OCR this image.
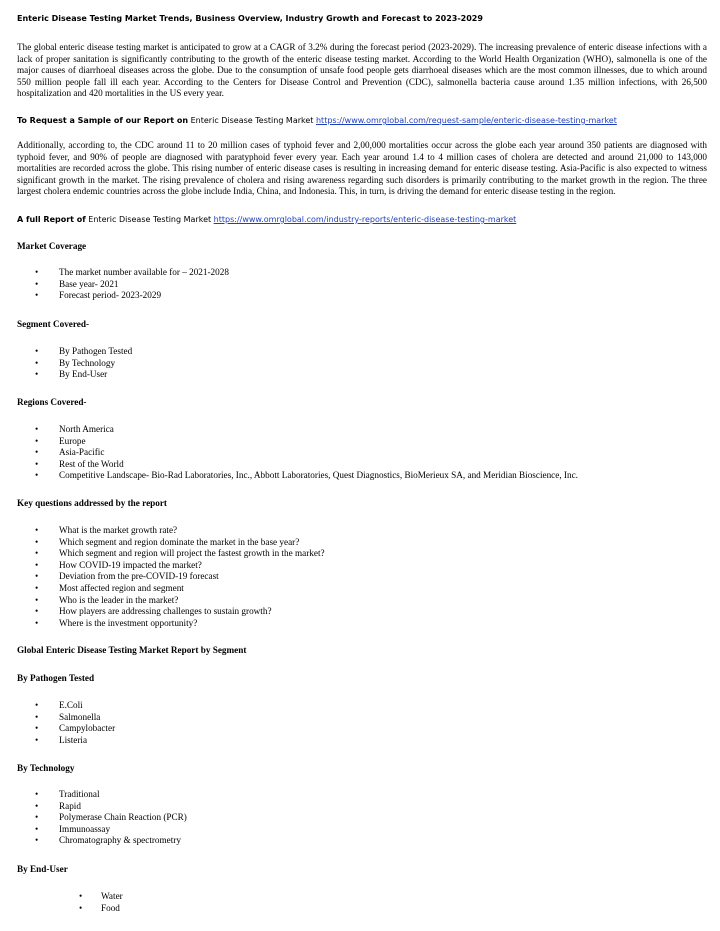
Enteric Disease Testing Market Trends, Business Overview, Industry Growth and Forecast to 2023-2029
The global enteric disease testing market is anticipated to grow at a CAGR of 3.2% during the forecast period (2023-2029). The increasing prevalence of enteric disease infections with a lack of proper sanitation is significantly contributing to the growth of the enteric disease testing market. According to the World Health Organization (WHO), salmonella is one of the major causes of diarrhoeal diseases across the globe. Due to the consumption of unsafe food people gets diarrhoeal diseases which are the most common illnesses, due to which around 550 million people fall ill each year. According to the Centers for Disease Control and Prevention (CDC), salmonella bacteria cause around 1.35 million infections, with 26,500 hospitalization and 420 mortalities in the US every year.
To Request a Sample of our Report on Enteric Disease Testing Market https://www.omrglobal.com/request-sample/enteric-disease-testing-market
Additionally, according to, the CDC around 11 to 20 million cases of typhoid fever and 2,00,000 mortalities occur across the globe each year around 350 patients are diagnosed with typhoid fever, and 90% of people are diagnosed with paratyphoid fever every year. Each year around 1.4 to 4 million cases of cholera are detected and around 21,000 to 143,000 mortalities are recorded across the globe. This rising number of enteric disease cases is resulting in increasing demand for enteric disease testing. Asia-Pacific is also expected to witness significant growth in the market. The rising prevalence of cholera and rising awareness regarding such disorders is primarily contributing to the market growth in the region. The three largest cholera endemic countries across the globe include India, China, and Indonesia. This, in turn, is driving the demand for enteric disease testing in the region.
A full Report of Enteric Disease Testing Market https://www.omrglobal.com/industry-reports/enteric-disease-testing-market
Market Coverage
• The market number available for – 2021-2028
• Base year- 2021
• Forecast period- 2023-2029
Segment Covered-
• By Pathogen Tested
• By Technology
• By End-User
Regions Covered-
• North America
• Europe
• Asia-Pacific
• Rest of the World
• Competitive Landscape- Bio-Rad Laboratories, Inc., Abbott Laboratories, Quest Diagnostics, BioMerieux SA, and Meridian Bioscience, Inc.
Key questions addressed by the report
• What is the market growth rate?
• Which segment and region dominate the market in the base year?
• Which segment and region will project the fastest growth in the market?
• How COVID-19 impacted the market?
• Deviation from the pre-COVID-19 forecast
• Most affected region and segment
• Who is the leader in the market?
• How players are addressing challenges to sustain growth?
• Where is the investment opportunity?
Global Enteric Disease Testing Market Report by Segment
By Pathogen Tested
• E.Coli
• Salmonella
• Campylobacter
• Listeria
By Technology
• Traditional
• Rapid
• Polymerase Chain Reaction (PCR)
• Immunoassay
• Chromatography & spectrometry
By End-User
• Water
• Food
